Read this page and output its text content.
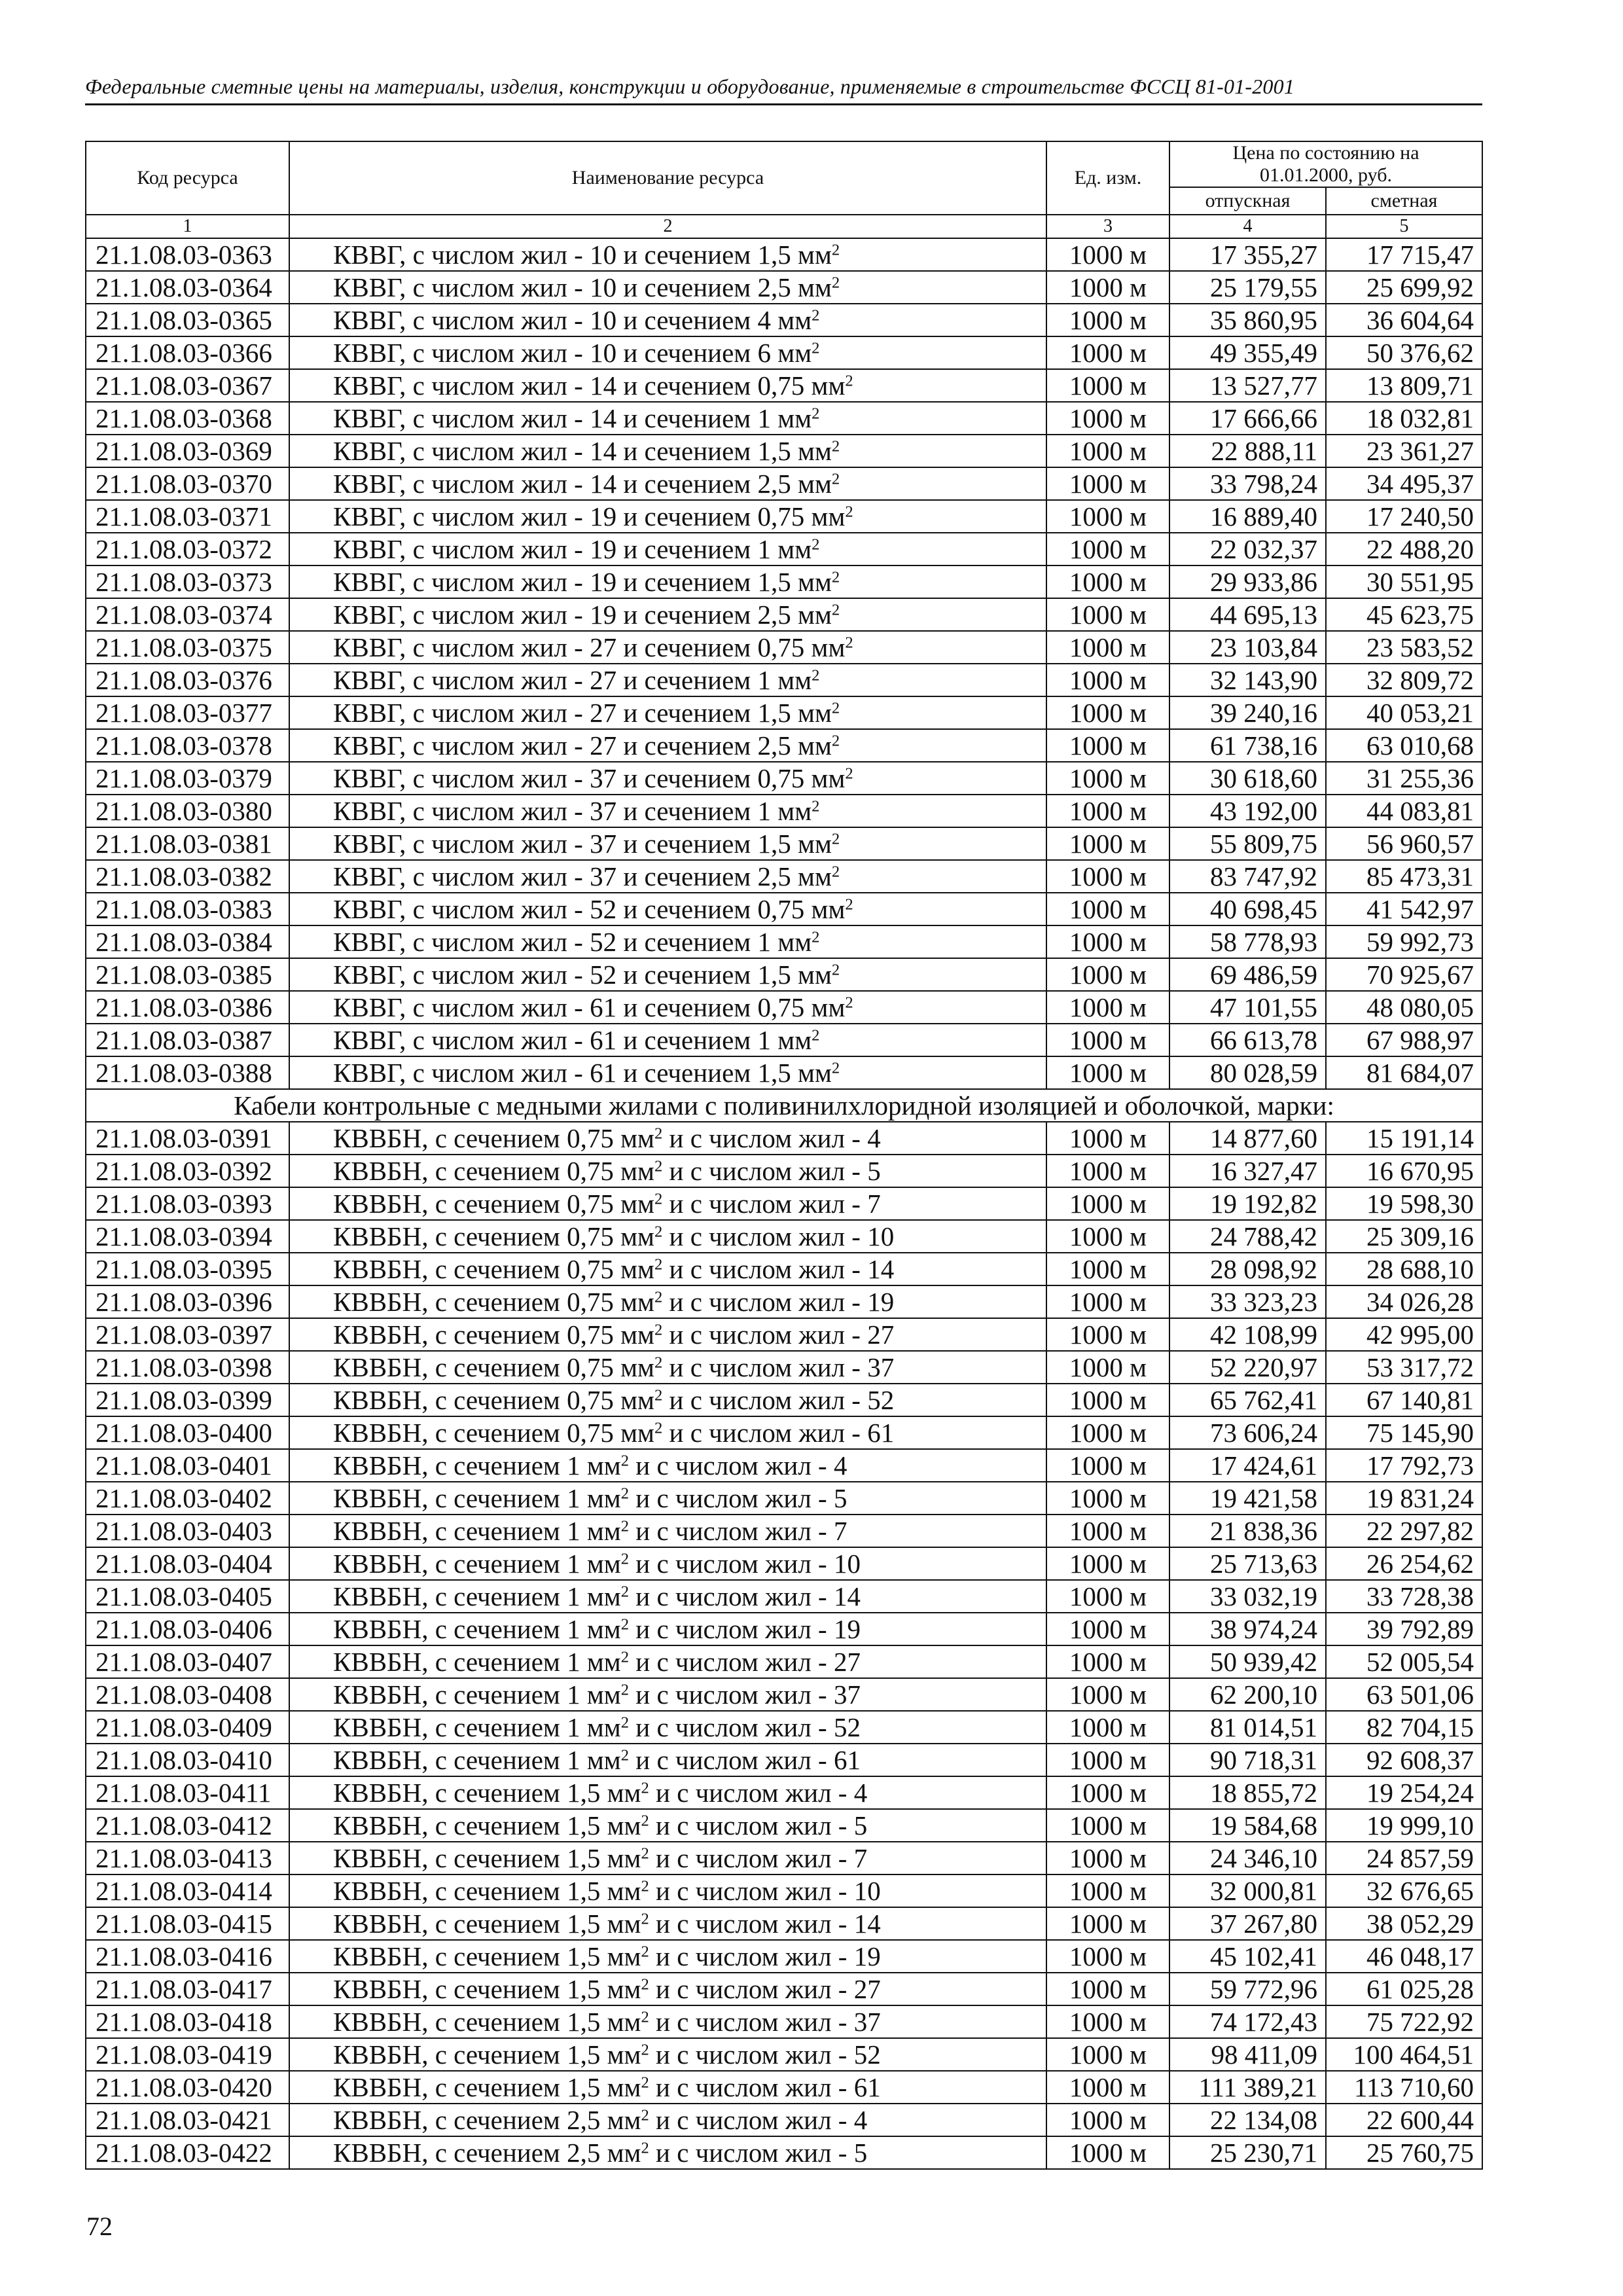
Федеральные сметные цены на материалы, изделия, конструкции и оборудование, применяемые в строительстве ФССЦ 81-01-2001
Код ресурса	Наименование ресурса	Ед. изм.	Цена по состоянию на
01.01.2000, руб.	
			отпускная	сметная
1	2	3	4	5
21.1.08.03-0363	КВВГ, с числом жил - 10 и сечением 1,5 $мм^2$	1000 м	17 355,27	17 715,47
21.1.08.03-0364	КВВГ, с числом жил - 10 и сечением 2,5 $мм^2$	1000 м	25 179,55	25 699,92
21.1.08.03-0365	КВВГ, с числом жил - 10 и сечением 4 $мм^2$	1000 м	35 860,95	36 604,64
21.1.08.03-0366	КВВГ, с числом жил - 10 и сечением 6 $мм^2$	1000 м	49 355,49	50 376,62
21.1.08.03-0367	КВВГ, с числом жил - 14 и сечением 0,75 $мм^2$	1000 м	13 527,77	13 809,71
21.1.08.03-0368	КВВГ, с числом жил - 14 и сечением 1 $мм^2$	1000 м	17 666,66	18 032,81
21.1.08.03-0369	КВВГ, с числом жил - 14 и сечением 1,5 $мм^2$	1000 м	22 888,11	23 361,27
21.1.08.03-0370	КВВГ, с числом жил - 14 и сечением 2,5 $мм^2$	1000 м	33 798,24	34 495,37
21.1.08.03-0371	КВВГ, с числом жил - 19 и сечением 0,75 $мм^2$	1000 м	16 889,40	17 240,50
21.1.08.03-0372	КВВГ, с числом жил - 19 и сечением 1 $мм^2$	1000 м	22 032,37	22 488,20
21.1.08.03-0373	КВВГ, с числом жил - 19 и сечением 1,5 $мм^2$	1000 м	29 933,86	30 551,95
21.1.08.03-0374	КВВГ, с числом жил - 19 и сечением 2,5 $мм^2$	1000 м	44 695,13	45 623,75
21.1.08.03-0375	КВВГ, с числом жил - 27 и сечением 0,75 $мм^2$	1000 м	23 103,84	23 583,52
21.1.08.03-0376	КВВГ, с числом жил - 27 и сечением 1 $мм^2$	1000 м	32 143,90	32 809,72
21.1.08.03-0377	КВВГ, с числом жил - 27 и сечением 1,5 $мм^2$	1000 м	39 240,16	40 053,21
21.1.08.03-0378	КВВГ, с числом жил - 27 и сечением 2,5 $мм^2$	1000 м	61 738,16	63 010,68
21.1.08.03-0379	КВВГ, с числом жил - 37 и сечением 0,75 $мм^2$	1000 м	30 618,60	31 255,36
21.1.08.03-0380	КВВГ, с числом жил - 37 и сечением 1 $мм^2$	1000 м	43 192,00	44 083,81
21.1.08.03-0381	КВВГ, с числом жил - 37 и сечением 1,5 $мм^2$	1000 м	55 809,75	56 960,57
21.1.08.03-0382	КВВГ, с числом жил - 37 и сечением 2,5 $мм^2$	1000 м	83 747,92	85 473,31
21.1.08.03-0383	КВВГ, с числом жил - 52 и сечением 0,75 $мм^2$	1000 м	40 698,45	41 542,97
21.1.08.03-0384	КВВГ, с числом жил - 52 и сечением 1 $мм^2$	1000 м	58 778,93	59 992,73
21.1.08.03-0385	КВВГ, с числом жил - 52 и сечением 1,5 $мм^2$	1000 м	69 486,59	70 925,67
21.1.08.03-0386	КВВГ, с числом жил - 61 и сечением 0,75 $мм^2$	1000 м	47 101,55	48 080,05
21.1.08.03-0387	КВВГ, с числом жил - 61 и сечением 1 $мм^2$	1000 м	66 613,78	67 988,97
21.1.08.03-0388	КВВГ, с числом жил - 61 и сечением 1,5 $мм^2$	1000 м	80 028,59	81 684,07
Кабели контрольные с медными жилами с поливинилхлоридной изоляцией и оболочкой, марки:				
21.1.08.03-0391	КВВБН, с сечением 0,75 $мм^2$ и с числом жил - 4	1000 м	14 877,60	15 191,14
21.1.08.03-0392	КВВБН, с сечением 0,75 $мм^2$ и с числом жил - 5	1000 м	16 327,47	16 670,95
21.1.08.03-0393	КВВБН, с сечением 0,75 $мм^2$ и с числом жил - 7	1000 м	19 192,82	19 598,30
21.1.08.03-0394	КВВБН, с сечением 0,75 $мм^2$ и с числом жил - 10	1000 м	24 788,42	25 309,16
21.1.08.03-0395	КВВБН, с сечением 0,75 $мм^2$ и с числом жил - 14	1000 м	28 098,92	28 688,10
21.1.08.03-0396	КВВБН, с сечением 0,75 $мм^2$ и с числом жил - 19	1000 м	33 323,23	34 026,28
21.1.08.03-0397	КВВБН, с сечением 0,75 $мм^2$ и с числом жил - 27	1000 м	42 108,99	42 995,00
21.1.08.03-0398	КВВБН, с сечением 0,75 $мм^2$ и с числом жил - 37	1000 м	52 220,97	53 317,72
21.1.08.03-0399	КВВБН, с сечением 0,75 $мм^2$ и с числом жил - 52	1000 м	65 762,41	67 140,81
21.1.08.03-0400	КВВБН, с сечением 0,75 $мм^2$ и с числом жил - 61	1000 м	73 606,24	75 145,90
21.1.08.03-0401	КВВБН, с сечением 1 $мм^2$ и с числом жил - 4	1000 м	17 424,61	17 792,73
21.1.08.03-0402	КВВБН, с сечением 1 $мм^2$ и с числом жил - 5	1000 м	19 421,58	19 831,24
21.1.08.03-0403	КВВБН, с сечением 1 $мм^2$ и с числом жил - 7	1000 м	21 838,36	22 297,82
21.1.08.03-0404	КВВБН, с сечением 1 $мм^2$ и с числом жил - 10	1000 м	25 713,63	26 254,62
21.1.08.03-0405	КВВБН, с сечением 1 $мм^2$ и с числом жил - 14	1000 м	33 032,19	33 728,38
21.1.08.03-0406	КВВБН, с сечением 1 $мм^2$ и с числом жил - 19	1000 м	38 974,24	39 792,89
21.1.08.03-0407	КВВБН, с сечением 1 $мм^2$ и с числом жил - 27	1000 м	50 939,42	52 005,54
21.1.08.03-0408	КВВБН, с сечением 1 $мм^2$ и с числом жил - 37	1000 м	62 200,10	63 501,06
21.1.08.03-0409	КВВБН, с сечением 1 $мм^2$ и с числом жил - 52	1000 м	81 014,51	82 704,15
21.1.08.03-0410	КВВБН, с сечением 1 $мм^2$ и с числом жил - 61	1000 м	90 718,31	92 608,37
21.1.08.03-0411	КВВБН, с сечением 1,5 $мм^2$ и с числом жил - 4	1000 м	18 855,72	19 254,24
21.1.08.03-0412	КВВБН, с сечением 1,5 $мм^2$ и с числом жил - 5	1000 м	19 584,68	19 999,10
21.1.08.03-0413	КВВБН, с сечением 1,5 $мм^2$ и с числом жил - 7	1000 м	24 346,10	24 857,59
21.1.08.03-0414	КВВБН, с сечением 1,5 $мм^2$ и с числом жил - 10	1000 м	32 000,81	32 676,65
21.1.08.03-0415	КВВБН, с сечением 1,5 $мм^2$ и с числом жил - 14	1000 м	37 267,80	38 052,29
21.1.08.03-0416	КВВБН, с сечением 1,5 $мм^2$ и с числом жил - 19	1000 м	45 102,41	46 048,17
21.1.08.03-0417	КВВБН, с сечением 1,5 $мм^2$ и с числом жил - 27	1000 м	59 772,96	61 025,28
21.1.08.03-0418	КВВБН, с сечением 1,5 $мм^2$ и с числом жил - 37	1000 м	74 172,43	75 722,92
21.1.08.03-0419	КВВБН, с сечением 1,5 $мм^2$ и с числом жил - 52	1000 м	98 411,09	100 464,51
21.1.08.03-0420	КВВБН, с сечением 1,5 $мм^2$ и с числом жил - 61	1000 м	111 389,21	113 710,60
21.1.08.03-0421	КВВБН, с сечением 2,5 $мм^2$ и с числом жил - 4	1000 м	22 134,08	22 600,44
21.1.08.03-0422	КВВБН, с сечением 2,5 $мм^2$ и с числом жил - 5	1000 м	25 230,71	25 760,75
72
